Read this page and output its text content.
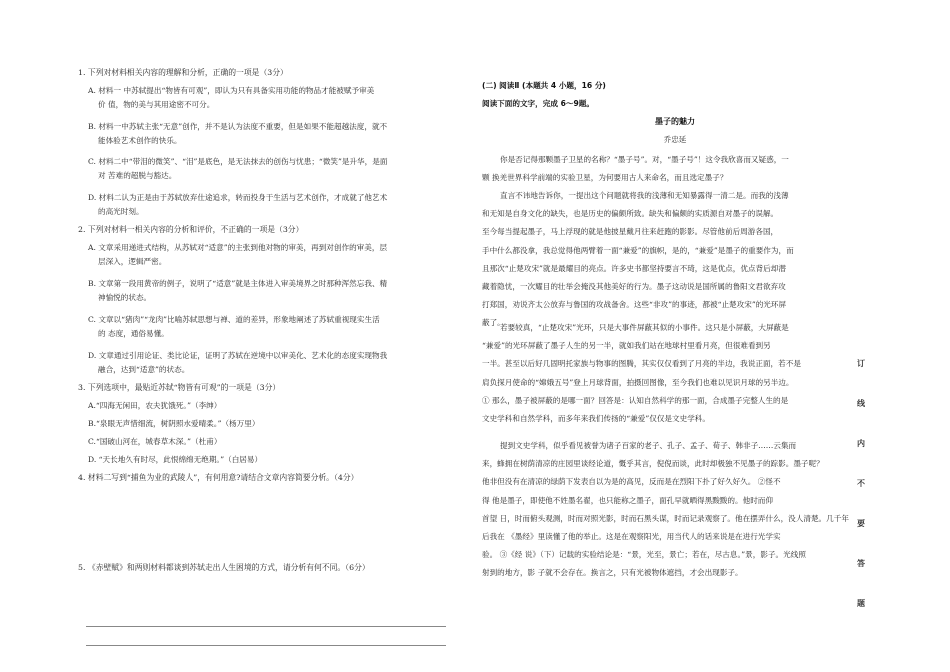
1. 下列对材料相关内容的理解和分析，正确的一项是（3分）
A. 材料一 中苏轼提出“物皆有可观”，即认为只有具备实用功能的物品才能被赋予审美
价 值，物的美与其用途密不可分。
B. 材料一中苏轼主张“无意”创作，并不是认为法度不重要，但是如果不能超越法度，就不
能体验艺术创作的快乐。
C. 材料二中“带泪的微笑”、“泪”是底色，是无法抹去的创伤与忧患；“微笑”是升华，是面
对 苦难的超脱与豁达。
D. 材料二认为正是由于苏轼放弃仕途追求，转而投身于生活与艺术创作，才成就了他艺术
的高光时刻。
2. 下列对材料一相关内容的分析和评价，不正确的一项是（3分）
A. 文章采用递进式结构，从苏轼对“适意”的主张到他对物的审美，再到对创作的审美，层
层深入，逻辑严密。
B. 文章第一段用黄帝的例子，说明了“适意”就是主体进入审美境界之时那种浑然忘我、精
神愉悦的状态。
C. 文章以“猪肉”“龙肉”比喻苏轼思想与禅、道的差异，形象地阐述了苏轼重视现实生活
的 态度，通俗易懂。
D. 文章通过引用论证、类比论证，证明了苏轼在逆境中以审美化、艺术化的态度实现物我
融合，达到“适意”的状态。
3. 下列选项中，最贴近苏轼“物皆有可观”的一项是（3分）
A.“四海无闲田，农夫犹饿死。”（李绅）
B.“泉眼无声惜细流，树阴照水爱晴柔。”（杨万里）
C.“国破山河在，城春草木深。”（杜甫）
D. “天长地久有时尽，此恨绵绵无绝期。”（白居易）
4. 材料二写到“捕鱼为业的武陵人”，有何用意?请结合文章内容简要分析。（4分）
5. 《赤壁赋》和两则材料都谈到苏轼走出人生困境的方式，请分析有何不同。（6分）
(二) 阅读Ⅱ (本题共 4 小题，16 分)
阅读下面的文字，完成 6～9题。
墨子的魅力
乔忠延
你是否记得那颗墨子卫星的名称？“墨子号”。对，“墨子号”！这令我欣喜而又疑惑，一
颗 换羌世界科学前端的实验卫星，为何要用古人来命名，而且选定墨子？
直言不讳地告诉你，一提出这个问题就将我的浅薄和无知暴露得一清二是。而我的浅薄
和无知是自身文化的缺失，也是历史的偏颇所致。缺失和偏颇的实质源自对墨子的误解。
至今每当提起墨子，马上浮现的就是他披星戴月往来赶跑的影影。尽管他前后周游各国，
手中什么都没拿，我总觉得他两臂着一面“兼爱”的旗帜，是的，“兼爱”是墨子的重要作为，而
且那次“止楚攻宋”就是最耀目的亮点。许多史书都坚持要言不琦，这是优点，优点背后却潜
藏着隐忧，一次耀目的壮举会掩没其他美好的行为。墨子这动说是国所属的鲁阳文君欲弃攻
打郑国，劝说齐太公放弃与鲁国的攻战备舍。这些“非攻”的事迹，都被“止楚攻宋”的光环屏
蔽了。
若要较真，“止楚攻宋”光环，只是大事件屏蔽其似的小事件。这只是小屏蔽，大屏蔽是
“兼爱”的光环屏蔽了墨子人生的另一半，就如我们站在地球村里看月亮，但很难看到另
一半。甚至以后好几固明托家族与物事的图腾，其实仅仅看到了月亮的半边，我说正面，若不是
肩负探月使命的“嫦娥五号”登上月球背面，拍摄回图像，至今我们也难以见识月球的另半边。
① 那么，墨子被屏蔽的是哪一面？回答是：认知自然科学的那一面，合成墨子完整人生的是
文史学科和自然学科，而多年来我们传扬的“兼爱”仅仅是文史学科。
提到文史学科，似乎看见被誉为诸子百家的老子、孔子、孟子、荀子、韩非子……云集而
来，蜂拥在树荫清凉的庄园里谈经论道，慨乎其言，倪倪而谈，此时却极独不见墨子的踪影。墨子呢？
他非但没有在清凉的绿荫下发表自以为是的高见，反而是在烈阳下扑了好久好久。 ②怪不
得 他是墨子，即使他不姓墨名翟，也只能称之墨子，面孔早就晒得黑黢黢的。他时而仰
首望 日，时而俯头观测，时而对照光影，时而石黑头谋，时而记录观察了。他在摆弄什么，没人清楚。几千年
后我在 《墨经》里读懂了他的举止。这是在观察阳光，用当代人的话来说是在进行光学实
验。 ③《经 说》（下）记载的实验结论是：“景，光至，景亡；若在，尽古息。”景，影子。光线照
射到的地方，影 子就不会存在。换言之，只有光被物体遮挡，才会出现影子。
订
线
内
不
要
答
题
